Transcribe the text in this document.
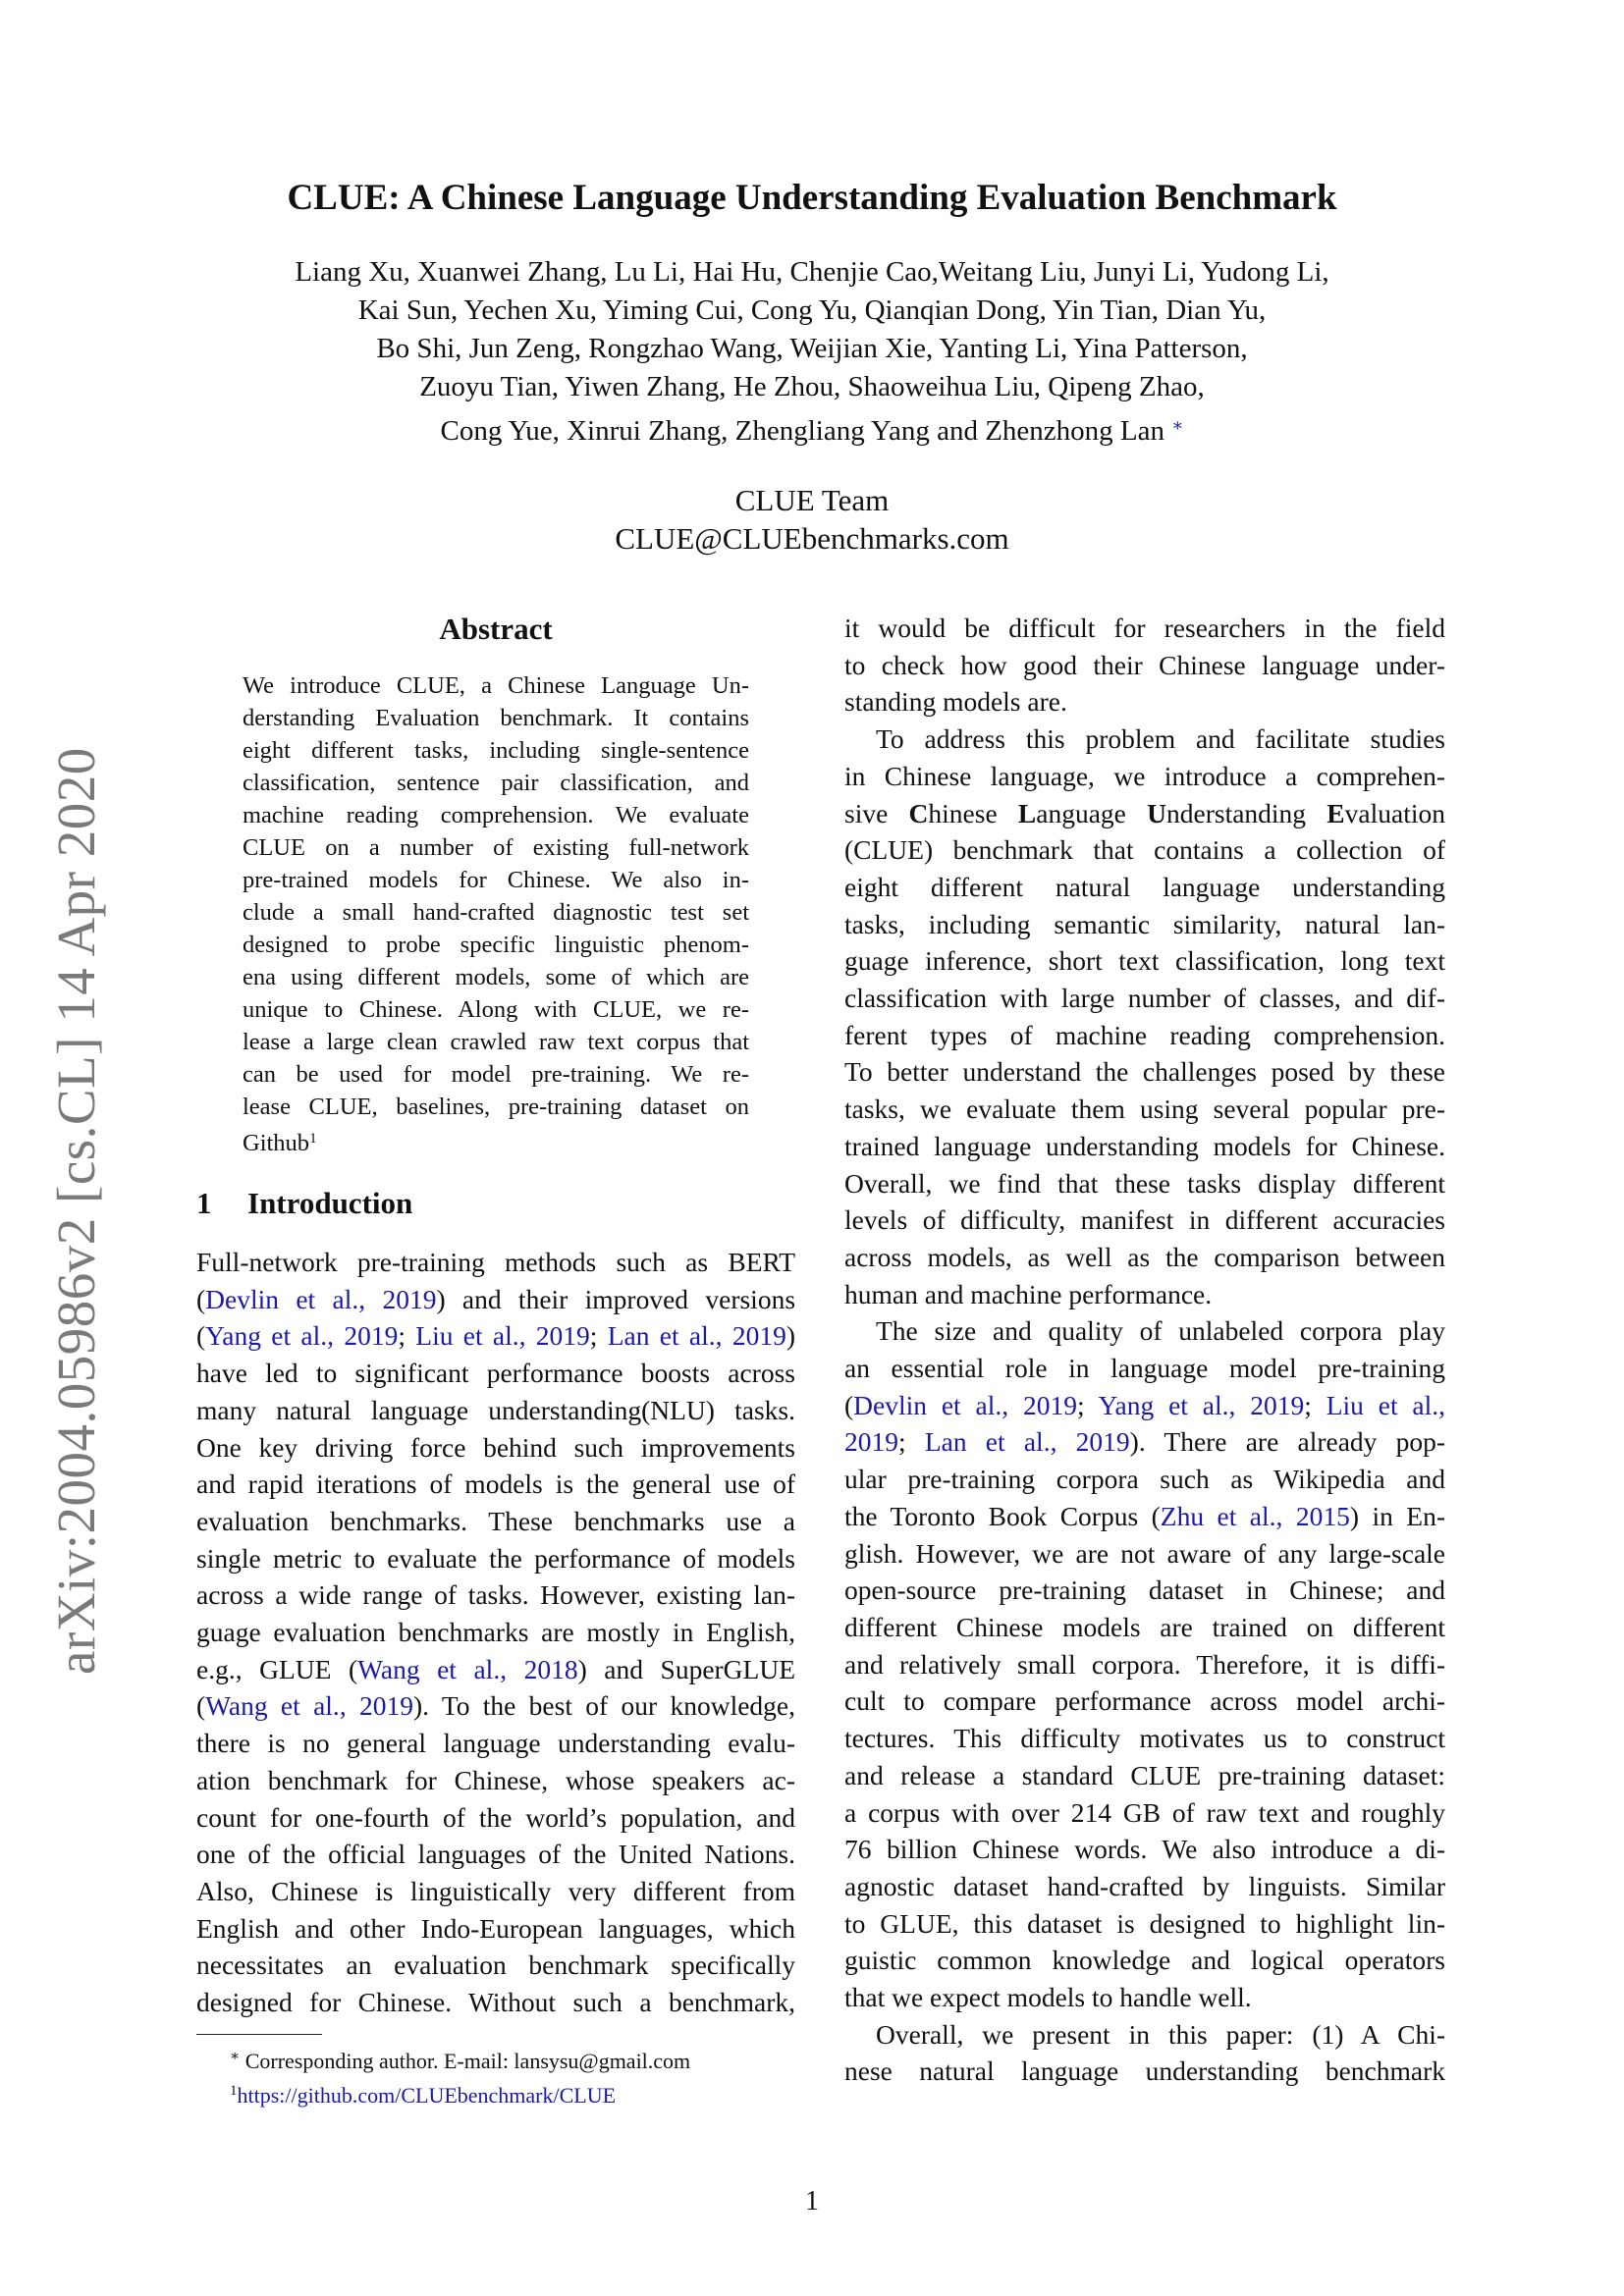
CLUE: A Chinese Language Understanding Evaluation Benchmark
Liang Xu, Xuanwei Zhang, Lu Li, Hai Hu, Chenjie Cao,Weitang Liu, Junyi Li, Yudong Li,
Kai Sun, Yechen Xu, Yiming Cui, Cong Yu, Qianqian Dong, Yin Tian, Dian Yu,
Bo Shi, Jun Zeng, Rongzhao Wang, Weijian Xie, Yanting Li, Yina Patterson,
Zuoyu Tian, Yiwen Zhang, He Zhou, Shaoweihua Liu, Qipeng Zhao,
Cong Yue, Xinrui Zhang, Zhengliang Yang and Zhenzhong Lan ∗
CLUE Team
CLUE@CLUEbenchmarks.com
arXiv:2004.05986v2 [cs.CL] 14 Apr 2020
Abstract
We introduce CLUE, a Chinese Language Un-
derstanding Evaluation benchmark. It contains
eight different tasks, including single-sentence
classification, sentence pair classification, and
machine reading comprehension. We evaluate
CLUE on a number of existing full-network
pre-trained models for Chinese. We also in-
clude a small hand-crafted diagnostic test set
designed to probe specific linguistic phenom-
ena using different models, some of which are
unique to Chinese. Along with CLUE, we re-
lease a large clean crawled raw text corpus that
can be used for model pre-training. We re-
lease CLUE, baselines, pre-training dataset on
Github$^1$
1 Introduction
Full-network pre-training methods such as BERT
(Devlin et al., 2019) and their improved versions
(Yang et al., 2019; Liu et al., 2019; Lan et al., 2019)
have led to significant performance boosts across
many natural language understanding(NLU) tasks.
One key driving force behind such improvements
and rapid iterations of models is the general use of
evaluation benchmarks. These benchmarks use a
single metric to evaluate the performance of models
across a wide range of tasks. However, existing lan-
guage evaluation benchmarks are mostly in English,
e.g., GLUE (Wang et al., 2018) and SuperGLUE
(Wang et al., 2019). To the best of our knowledge,
there is no general language understanding evalu-
ation benchmark for Chinese, whose speakers ac-
count for one-fourth of the world’s population, and
one of the official languages of the United Nations.
Also, Chinese is linguistically very different from
English and other Indo-European languages, which
necessitates an evaluation benchmark specifically
designed for Chinese. Without such a benchmark,
∗ Corresponding author. E-mail: lansysu@gmail.com
$^1$https://github.com/CLUEbenchmark/CLUE
it would be difficult for researchers in the field
to check how good their Chinese language under-
standing models are.
To address this problem and facilitate studies
in Chinese language, we introduce a comprehen-
sive Chinese Language Understanding Evaluation
(CLUE) benchmark that contains a collection of
eight different natural language understanding
tasks, including semantic similarity, natural lan-
guage inference, short text classification, long text
classification with large number of classes, and dif-
ferent types of machine reading comprehension.
To better understand the challenges posed by these
tasks, we evaluate them using several popular pre-
trained language understanding models for Chinese.
Overall, we find that these tasks display different
levels of difficulty, manifest in different accuracies
across models, as well as the comparison between
human and machine performance.
The size and quality of unlabeled corpora play
an essential role in language model pre-training
(Devlin et al., 2019; Yang et al., 2019; Liu et al.,
2019; Lan et al., 2019). There are already pop-
ular pre-training corpora such as Wikipedia and
the Toronto Book Corpus (Zhu et al., 2015) in En-
glish. However, we are not aware of any large-scale
open-source pre-training dataset in Chinese; and
different Chinese models are trained on different
and relatively small corpora. Therefore, it is diffi-
cult to compare performance across model archi-
tectures. This difficulty motivates us to construct
and release a standard CLUE pre-training dataset:
a corpus with over 214 GB of raw text and roughly
76 billion Chinese words. We also introduce a di-
agnostic dataset hand-crafted by linguists. Similar
to GLUE, this dataset is designed to highlight lin-
guistic common knowledge and logical operators
that we expect models to handle well.
Overall, we present in this paper: (1) A Chi-
nese natural language understanding benchmark
1
